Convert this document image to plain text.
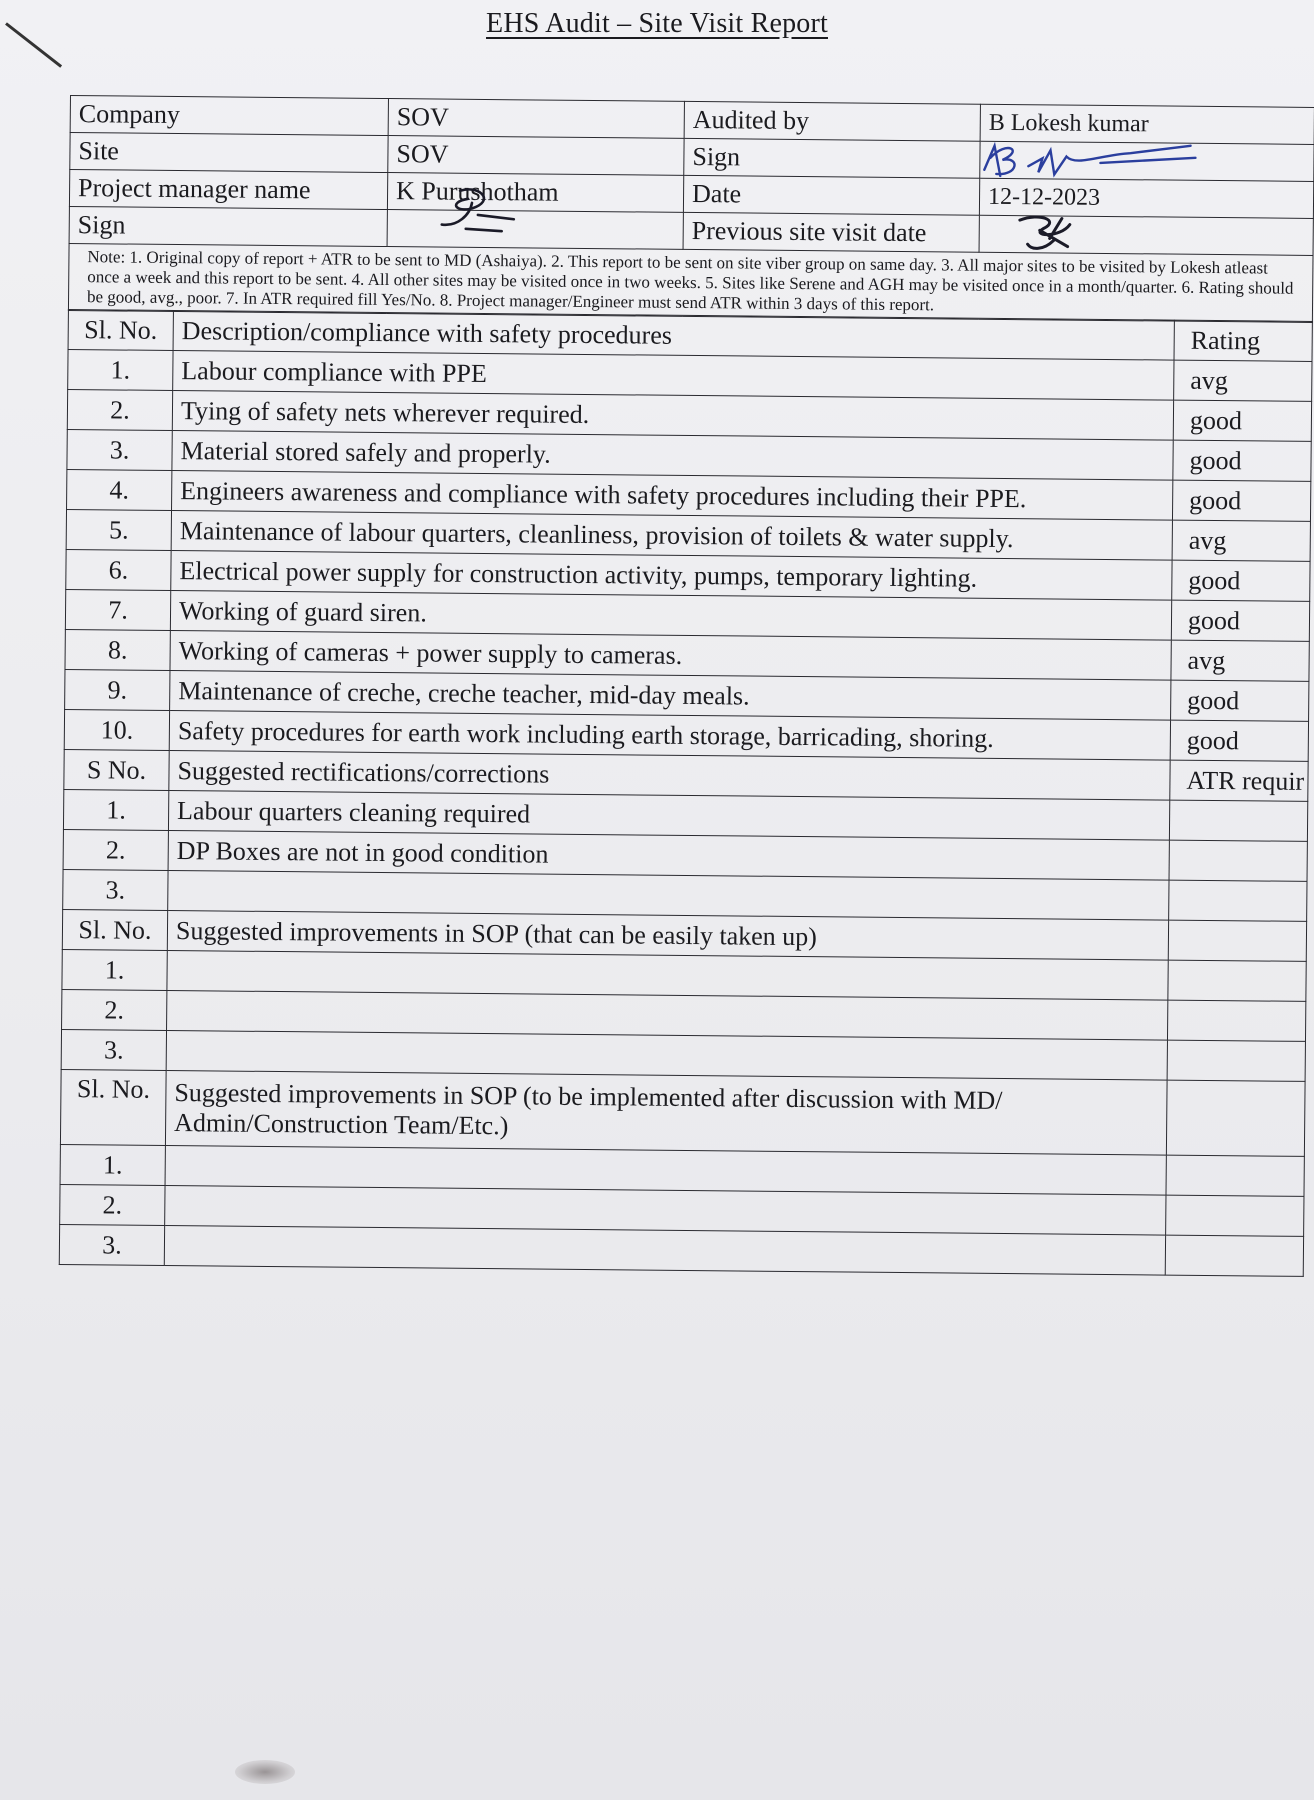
EHS Audit – Site Visit Report
Company	SOV	Audited by	B Lokesh kumar
Site	SOV	Sign	

Project manager name	K Purushotham	Date	12-12-2023
Sign		Previous site visit date	

Note: 1. Original copy of report + ATR to be sent to MD (Ashaiya). 2. This report to be sent on site viber group on same day. 3. All major sites to be visited by Lokesh atleast once a week and this report to be sent. 4. All other sites may be visited once in two weeks. 5. Sites like Serene and AGH may be visited once in a month/quarter. 6. Rating should be good, avg., poor. 7. In ATR required fill Yes/No. 8. Project manager/Engineer must send ATR within 3 days of this report.			
Sl. No.	Description/compliance with safety procedures	Rating
1.	Labour compliance with PPE	avg
2.	Tying of safety nets wherever required.	good
3.	Material stored safely and properly.	good
4.	Engineers awareness and compliance with safety procedures including their PPE.	good
5.	Maintenance of labour quarters, cleanliness, provision of toilets & water supply.	avg
6.	Electrical power supply for construction activity, pumps, temporary lighting.	good
7.	Working of guard siren.	good
8.	Working of cameras + power supply to cameras.	avg
9.	Maintenance of creche, creche teacher, mid-day meals.	good
10.	Safety procedures for earth work including earth storage, barricading, shoring.	good
S No.	Suggested rectifications/corrections	ATR requir
1.	Labour quarters cleaning required	
2.	DP Boxes are not in good condition	
3.		
Sl. No.	Suggested improvements in SOP (that can be easily taken up)	
1.		
2.		
3.		
Sl. No.	Suggested improvements in SOP (to be implemented after discussion with MD/ Admin/Construction Team/Etc.)	
1.		
2.		
3.		
